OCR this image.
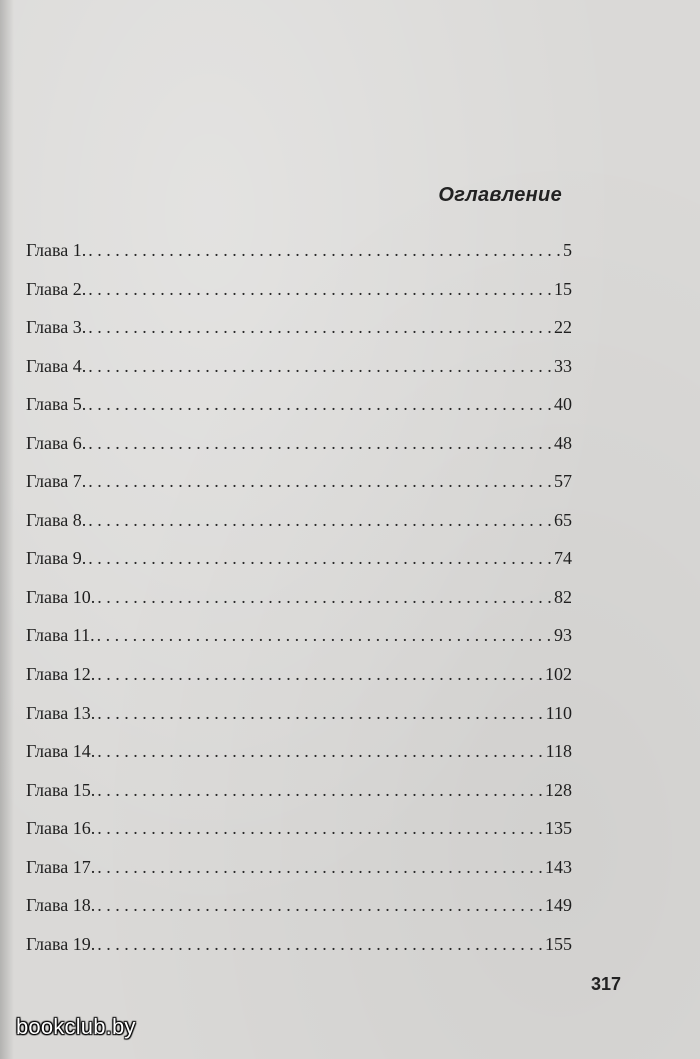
Оглавление
Глава 1. . . .	5
Глава 2. . . .	15
Глава 3. . . .	22
Глава 4. . . .	33
Глава 5. . . .	40
Глава 6. . . .	48
Глава 7. . . .	57
Глава 8. . . .	65
Глава 9. . . .	74
Глава 10. . . .	82
Глава 11. . . .	93
Глава 12. . . .	102
Глава 13. . . .	110
Глава 14. . . .	118
Глава 15. . . .	128
Глава 16. . . .	135
Глава 17. . . .	143
Глава 18. . . .	149
Глава 19. . . .	155
317
bookclub.by
